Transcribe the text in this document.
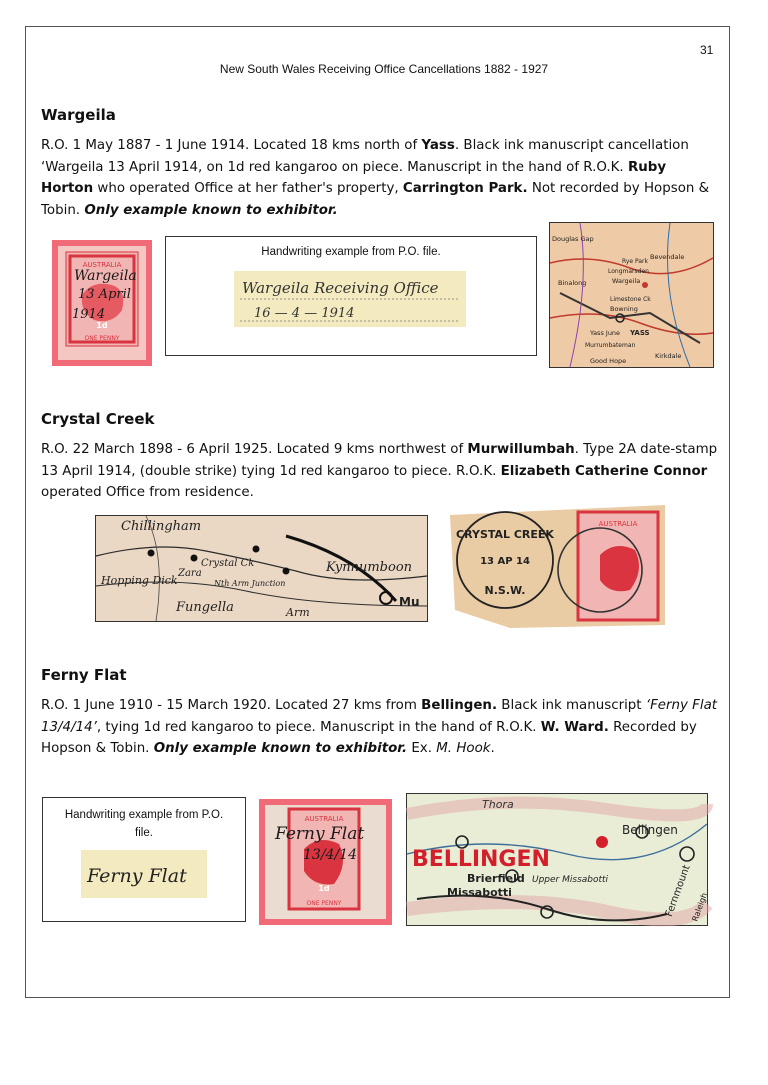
31
New South Wales Receiving Office Cancellations 1882 - 1927
Wargeila
R.O. 1 May 1887 - 1 June 1914. Located 18 kms north of Yass. Black ink manuscript cancellation ‘Wargeila 13 April 1914, on 1d red kangaroo on piece. Manuscript in the hand of R.O.K. Ruby Horton who operated Office at her father's property, Carrington Park. Not recorded by Hopson & Tobin. Only example known to exhibitor.
AUSTRALIA
1d
ONE PENNY
Wargeila
13 April
1914
Handwriting example from P.O. file.
Wargeila Receiving Office
16 — 4 — 1914
Douglas Gap
Bowning
Binalong	Wargeila
Yass June YASS
Bevendale
Kirkdale
Good Hope
Murrumbateman
Longmarsden
Limestone Ck
Rye Park
Crystal Creek
R.O. 22 March 1898 - 6 April 1925. Located 9 kms northwest of Murwillumbah. Type 2A date-stamp 13 April 1914, (double strike) tying 1d red kangaroo to piece. R.O.K. Elizabeth Catherine Connor operated Office from residence.
Chillingham
Kynnumboon
Crystal Ck
Zara
Hopping Dick	Nth Arm Junction
Fungella	Arm
Mu
AUSTRALIA
CRYSTAL CREEK
13 AP 14
N.S.W.
Ferny Flat
R.O. 1 June 1910 - 15 March 1920. Located 27 kms from Bellingen. Black ink manuscript ‘Ferny Flat 13/4/14’, tying 1d red kangaroo to piece. Manuscript in the hand of R.O.K. W. Ward. Recorded by Hopson & Tobin. Only example known to exhibitor. Ex. M. Hook.
Handwriting example from P.O. file.
Ferny Flat
AUSTRALIA
1d
ONE PENNY
Ferny Flat
13/4/14
Thora
Bellingen
BELLINGEN
Fernmount
Brierfield Upper Missabotti
Missabotti	Raleigh
